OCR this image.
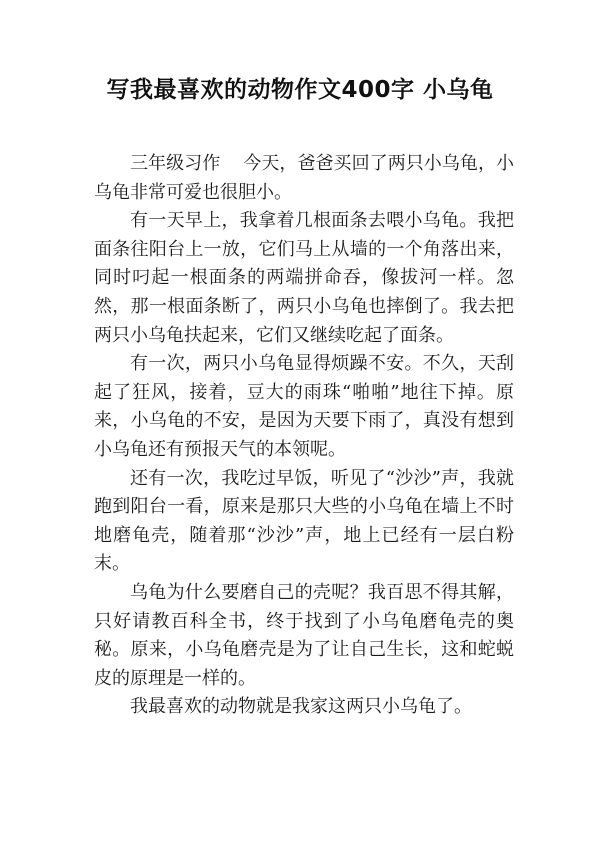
写我最喜欢的动物作文400字 小乌龟

三年级习作    今天，爸爸买回了两只小乌龟，小乌龟非常可爱也很胆小。

有一天早上，我拿着几根面条去喂小乌龟。我把面条往阳台上一放，它们马上从墙的一个角落出来，同时叼起一根面条的两端拼命吞，像拔河一样。忽然，那一根面条断了，两只小乌龟也摔倒了。我去把两只小乌龟扶起来，它们又继续吃起了面条。

有一次，两只小乌龟显得烦躁不安。不久，天刮起了狂风，接着，豆大的雨珠“啪啪”地往下掉。原来，小乌龟的不安，是因为天要下雨了，真没有想到小乌龟还有预报天气的本领呢。

还有一次，我吃过早饭，听见了“沙沙”声，我就跑到阳台一看，原来是那只大些的小乌龟在墙上不时地磨龟壳，随着那“沙沙”声，地上已经有一层白粉末。

乌龟为什么要磨自己的壳呢？我百思不得其解，只好请教百科全书，终于找到了小乌龟磨龟壳的奥秘。原来，小乌龟磨壳是为了让自己生长，这和蛇蜕皮的原理是一样的。

我最喜欢的动物就是我家这两只小乌龟了。
